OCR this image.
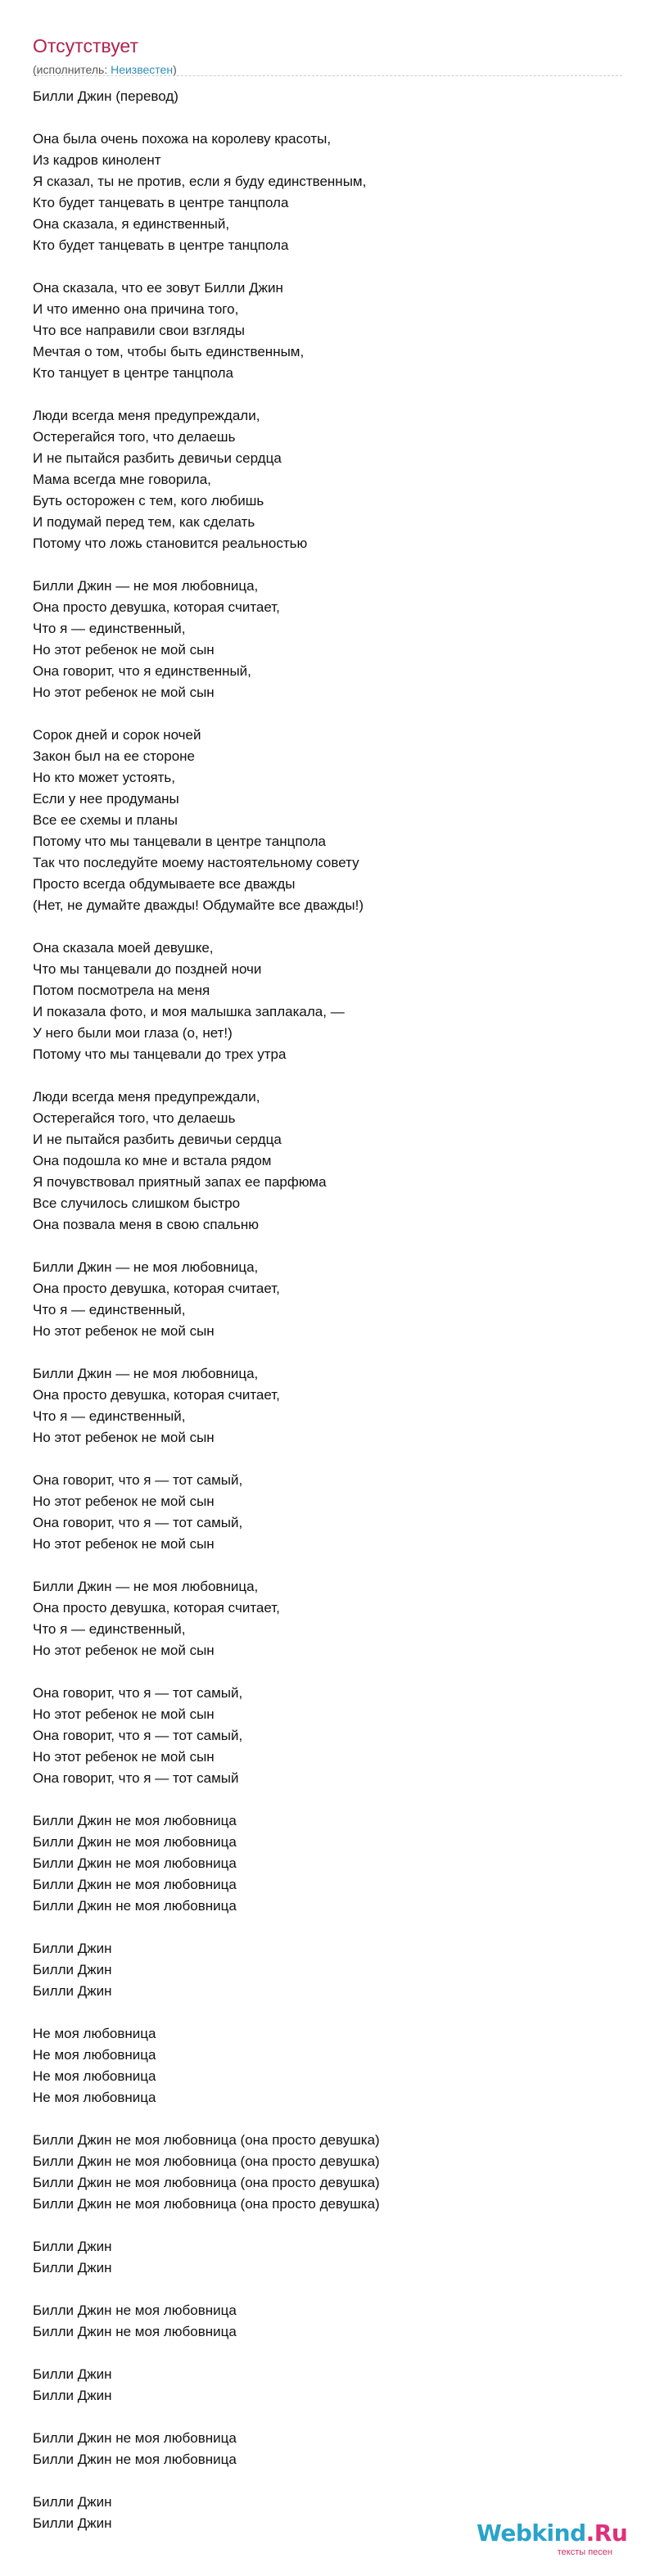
Отсутствует
(исполнитель: Неизвестен)
Билли Джин (перевод)
Она была очень похожа на королеву красоты,
Из кадров кинолент
Я сказал, ты не против, если я буду единственным,
Кто будет танцевать в центре танцпола
Она сказала, я единственный,
Кто будет танцевать в центре танцпола
Она сказала, что ее зовут Билли Джин
И что именно она причина того,
Что все направили свои взгляды
Мечтая о том, чтобы быть единственным,
Кто танцует в центре танцпола
Люди всегда меня предупреждали,
Остерегайся того, что делаешь
И не пытайся разбить девичьи сердца
Мама всегда мне говорила,
Буть осторожен с тем, кого любишь
И подумай перед тем, как сделать
Потому что ложь становится реальностью
Билли Джин — не моя любовница,
Она просто девушка, которая считает,
Что я — единственный,
Но этот ребенок не мой сын
Она говорит, что я единственный,
Но этот ребенок не мой сын
Сорок дней и сорок ночей
Закон был на ее стороне
Но кто может устоять,
Если у нее продуманы
Все ее схемы и планы
Потому что мы танцевали в центре танцпола
Так что последуйте моему настоятельному совету
Просто всегда обдумываете все дважды
(Нет, не думайте дважды! Обдумайте все дважды!)
Она сказала моей девушке,
Что мы танцевали до поздней ночи
Потом посмотрела на меня
И показала фото, и моя малышка заплакала, —
У него были мои глаза (о, нет!)
Потому что мы танцевали до трех утра
Люди всегда меня предупреждали,
Остерегайся того, что делаешь
И не пытайся разбить девичьи сердца
Она подошла ко мне и встала рядом
Я почувствовал приятный запах ее парфюма
Все случилось слишком быстро
Она позвала меня в свою спальню
Билли Джин — не моя любовница,
Она просто девушка, которая считает,
Что я — единственный,
Но этот ребенок не мой сын
Билли Джин — не моя любовница,
Она просто девушка, которая считает,
Что я — единственный,
Но этот ребенок не мой сын
Она говорит, что я — тот самый,
Но этот ребенок не мой сын
Она говорит, что я — тот самый,
Но этот ребенок не мой сын
Билли Джин — не моя любовница,
Она просто девушка, которая считает,
Что я — единственный,
Но этот ребенок не мой сын
Она говорит, что я — тот самый,
Но этот ребенок не мой сын
Она говорит, что я — тот самый,
Но этот ребенок не мой сын
Она говорит, что я — тот самый
Билли Джин не моя любовница
Билли Джин не моя любовница
Билли Джин не моя любовница
Билли Джин не моя любовница
Билли Джин не моя любовница
Билли Джин
Билли Джин
Билли Джин
Не моя любовница
Не моя любовница
Не моя любовница
Не моя любовница
Билли Джин не моя любовница (она просто девушка)
Билли Джин не моя любовница (она просто девушка)
Билли Джин не моя любовница (она просто девушка)
Билли Джин не моя любовница (она просто девушка)
Билли Джин
Билли Джин
Билли Джин не моя любовница
Билли Джин не моя любовница
Билли Джин
Билли Джин
Билли Джин не моя любовница
Билли Джин не моя любовница
Билли Джин
Билли Джин	Webkind.Ru
тексты песен
